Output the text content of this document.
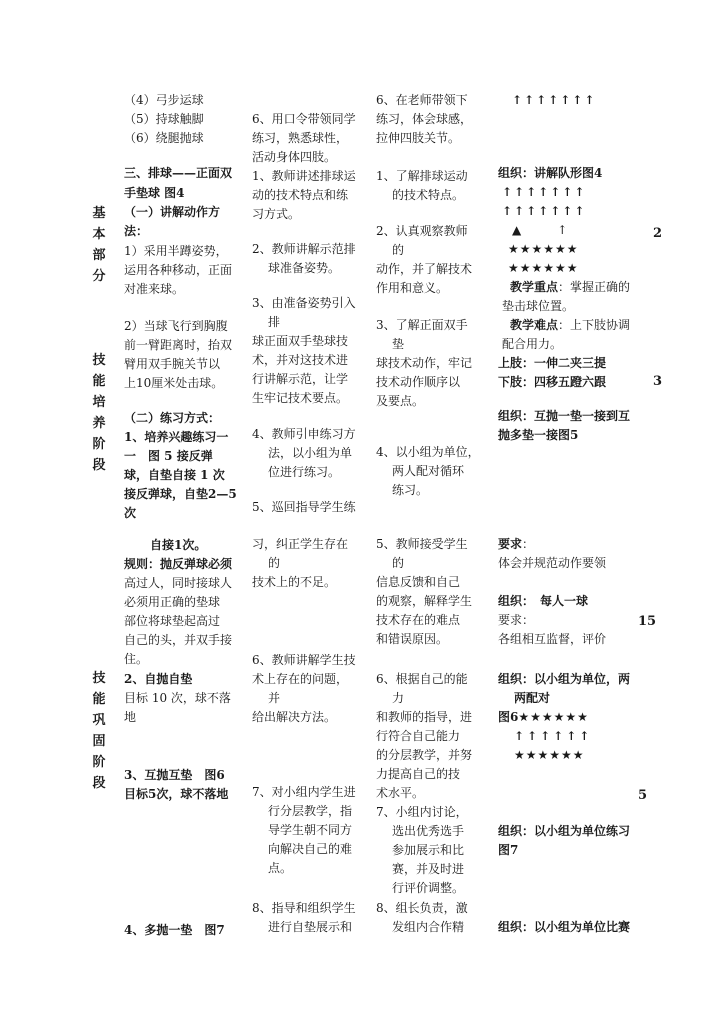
基本部分
技能培养阶段
技能巩固阶段
2
3
15
5
（4）弓步运球
（5）持球触脚
（6）绕腿抛球
三、排球——正面双
手垫球 图4
（一）讲解动作方
法：
1）采用半蹲姿势，
运用各种移动，正面
对准来球。
2）当球飞行到胸腹
前一臂距离时，抬双
臂用双手腕关节以
上10厘米处击球。
（二）练习方式：
1、培养兴趣练习一
一　图 5 接反弹
球，自垫自接 1 次
接反弹球，自垫2—5
次
自接1次。
规则：抛反弹球必须
高过人，同时接球人
必须用正确的垫球
部位将球垫起高过
自己的头，并双手接
住。
2、自抛自垫
目标 10 次，球不落
地
3、互抛互垫　图6
目标5次，球不落地
4、多抛一垫　图7
6、用口令带领同学
练习，熟悉球性，
活动身体四肢。
1、教师讲述排球运
动的技术特点和练
习方式。
2、教师讲解示范排
球准备姿势。
3、由准备姿势引入
排
球正面双手垫球技
术，并对这技术进
行讲解示范，让学
生牢记技术要点。
4、教师引申练习方
法，以小组为单
位进行练习。
5、巡回指导学生练
习，纠正学生存在
的
技术上的不足。
6、教师讲解学生技
术上存在的问题，
并
给出解决方法。
7、对小组内学生进
行分层教学，指
导学生朝不同方
向解决自己的难
点。
8、指导和组织学生
进行自垫展示和
6、在老师带领下
练习，体会球感，
拉伸四肢关节。
1、了解排球运动
的技术特点。
2、认真观察教师
的
动作，并了解技术
作用和意义。
3、了解正面双手
垫
球技术动作，牢记
技术动作顺序以
及要点。
4、以小组为单位，
两人配对循环
练习。
5、教师接受学生
的
信息反馈和自己
的观察，解释学生
技术存在的难点
和错误原因。
6、根据自己的能
力
和教师的指导，进
行符合自己能力
的分层教学，并努
力提高自己的技
术水平。
7、小组内讨论，
选出优秀选手
参加展示和比
赛，并及时进
行评价调整。
8、组长负责，激
发组内合作精
↑↑↑↑↑↑↑
组织：讲解队形图4
↑↑↑↑↑↑↑
↑↑↑↑↑↑↑
▲　　　↑
★★★★★★
★★★★★★
教学重点：掌握正确的
垫击球位置。
教学难点：上下肢协调
配合用力。
上肢：一伸二夹三提
下肢：四移五蹬六跟
组织：互抛一垫一接到互
抛多垫一接图5
要求：
体会并规范动作要领
组织：　每人一球
要求：
各组相互监督，评价
组织：以小组为单位，两
两配对
图6★★★★★★
↑↑↑↑↑↑
★★★★★★
组织：以小组为单位练习
图7
组织：以小组为单位比赛
